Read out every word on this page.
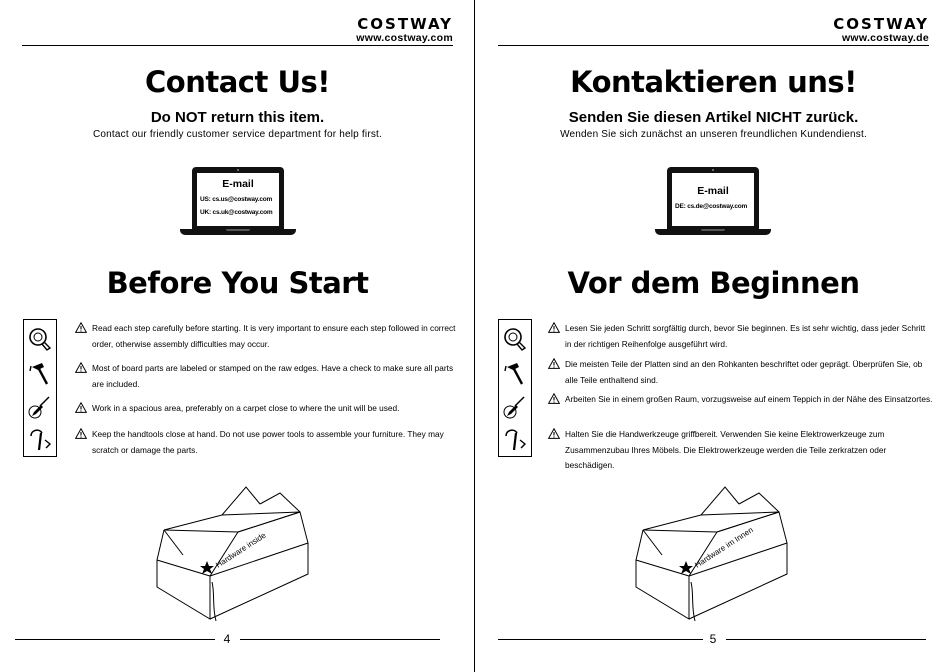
COSTWAY
www.costway.com
Contact Us!
Do NOT return this item.
Contact our friendly customer service department for help first.
E-mail
US: cs.us@costway.com
UK: cs.uk@costway.com
Before You Start
Read each step carefully before starting. It is very important to ensure each step followed in correct order, otherwise assembly difficulties may occur.
Most of board parts are labeled or stamped on the raw edges. Have a check to make sure all parts are included.
Work in a spacious area, preferably on a carpet close to where the unit will be used.
Keep the handtools close at hand. Do not use power tools to assemble your furniture. They may scratch or damage the parts.
Hardware inside
4
COSTWAY
www.costway.de
Kontaktieren uns!
Senden Sie diesen Artikel NICHT zurück.
Wenden Sie sich zunächst an unseren freundlichen Kundendienst.
E-mail
DE: cs.de@costway.com
Vor dem Beginnen
Lesen Sie jeden Schritt sorgfältig durch, bevor Sie beginnen. Es ist sehr wichtig, dass jeder Schritt in der richtigen Reihenfolge ausgeführt wird.
Die meisten Teile der Platten sind an den Rohkanten beschriftet oder geprägt. Überprüfen Sie, ob alle Teile enthaltend sind.
Arbeiten Sie in einem großen Raum, vorzugsweise auf einem Teppich in der Nähe des Einsatzortes.
Halten Sie die Handwerkzeuge griffbereit. Verwenden Sie keine Elektrowerkzeuge zum Zusammenzubau Ihres Möbels. Die Elektrowerkzeuge werden die Teile zerkratzen oder beschädigen.
Hardware im Innen
5
